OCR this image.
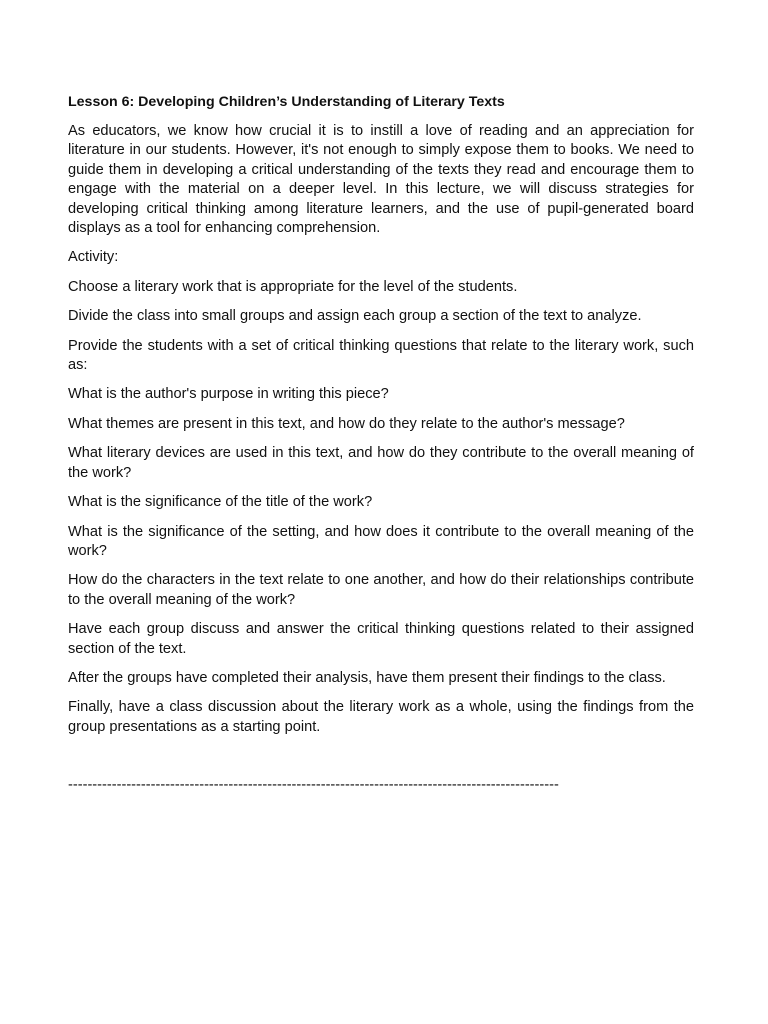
Lesson 6: Developing Children’s Understanding of Literary Texts

As educators, we know how crucial it is to instill a love of reading and an appreciation for literature in our students. However, it's not enough to simply expose them to books. We need to guide them in developing a critical understanding of the texts they read and encourage them to engage with the material on a deeper level. In this lecture, we will discuss strategies for developing critical thinking among literature learners, and the use of pupil-generated board displays as a tool for enhancing comprehension.

Activity:

Choose a literary work that is appropriate for the level of the students.

Divide the class into small groups and assign each group a section of the text to analyze.

Provide the students with a set of critical thinking questions that relate to the literary work, such as:

What is the author's purpose in writing this piece?

What themes are present in this text, and how do they relate to the author's message?

What literary devices are used in this text, and how do they contribute to the overall meaning of the work?

What is the significance of the title of the work?

What is the significance of the setting, and how does it contribute to the overall meaning of the work?

How do the characters in the text relate to one another, and how do their relationships contribute to the overall meaning of the work?

Have each group discuss and answer the critical thinking questions related to their assigned section of the text.

After the groups have completed their analysis, have them present their findings to the class.

Finally, have a class discussion about the literary work as a whole, using the findings from the group presentations as a starting point.

-----------------------------------------------------------------------------------------------------
